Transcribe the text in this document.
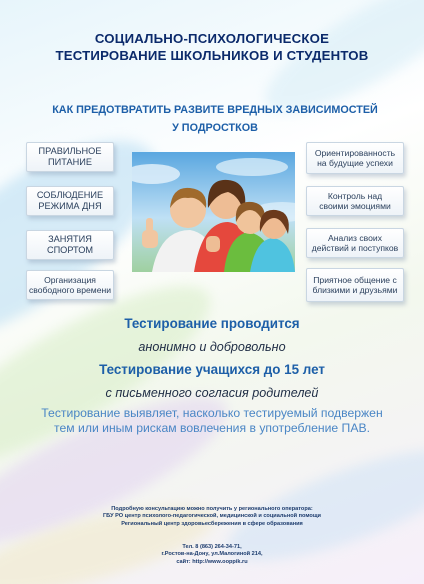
СОЦИАЛЬНО-ПСИХОЛОГИЧЕСКОЕ
ТЕСТИРОВАНИЕ ШКОЛЬНИКОВ И СТУДЕНТОВ
КАК ПРЕДОТВРАТИТЬ РАЗВИТЕ ВРЕДНЫХ ЗАВИСИМОСТЕЙ
У ПОДРОСТКОВ
ПРАВИЛЬНОЕ
ПИТАНИЕ
СОБЛЮДЕНИЕ
РЕЖИМА ДНЯ
ЗАНЯТИЯ
СПОРТОМ
Организация
свободного времени
Ориентированность
на будущие успехи
Контроль над
своими эмоциями
Анализ своих
действий и поступков
Приятное общение с
близкими и друзьями
Тестирование проводится
анонимно и добровольно
Тестирование учащихся до 15 лет
с письменного согласия родителей
Тестирование выявляет, насколько тестируемый подвержен
тем или иным рискам вовлечения в употребление ПАВ.
Подробную консультацию можно получить у регионального оператора:
ГБУ РО центр психолого-педагогической, медицинской и социальной помощи
Региональный центр здоровьесбережения в сфере образования
Тел. 8 (863) 264-34-71,
г.Ростов-на-Дону, ул.Малогиной 214,
сайт: http://www.ooppik.ru
